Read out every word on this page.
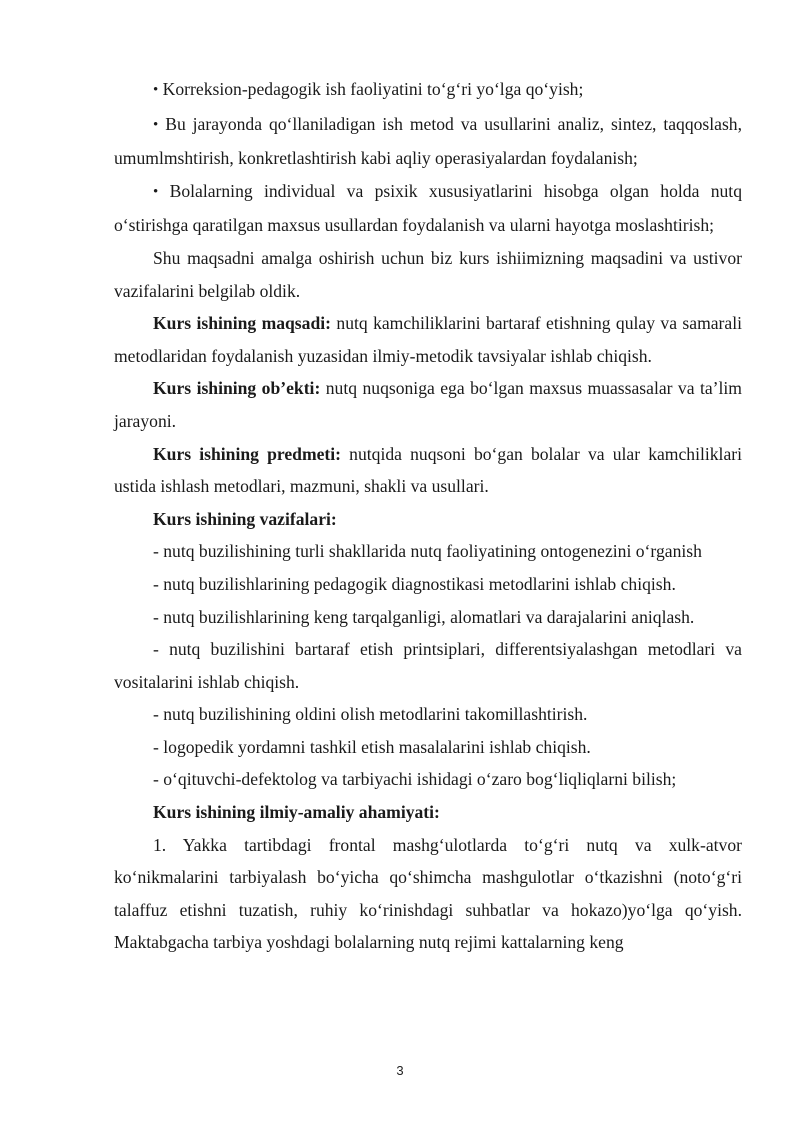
• Korreksion-pedagogik ish faoliyatini to‘g‘ri yo‘lga qo‘yish;

• Bu jarayonda qo‘llaniladigan ish metod va usullarini analiz, sintez, taqqoslash, umumlmshtirish, konkretlashtirish kabi aqliy operasiyalardan foydalanish;

• Bolalarning individual va psixik xususiyatlarini hisobga olgan holda nutq o‘stirishga qaratilgan maxsus usullardan foydalanish va ularni hayotga moslashtirish;

Shu maqsadni amalga oshirish uchun biz kurs ishiimizning maqsadini va ustivor vazifalarini belgilab oldik.

Kurs ishining maqsadi: nutq kamchiliklarini bartaraf etishning qulay va samarali metodlaridan foydalanish yuzasidan ilmiy-metodik tavsiyalar ishlab chiqish.

Kurs ishining ob’ekti: nutq nuqsoniga ega bo‘lgan maxsus muassasalar va ta’lim jarayoni.

Kurs ishining predmeti: nutqida nuqsoni bo‘gan bolalar va ular kamchiliklari ustida ishlash metodlari, mazmuni, shakli va usullari.

Kurs ishining vazifalari:

- nutq buzilishining turli shakllarida nutq faoliyatining ontogenezini o‘rganish

- nutq buzilishlarining pedagogik diagnostikasi metodlarini ishlab chiqish.

- nutq buzilishlarining keng tarqalganligi, alomatlari va darajalarini aniqlash.

- nutq buzilishini bartaraf etish printsiplari, differentsiyalashgan metodlari va vositalarini ishlab chiqish.

- nutq buzilishining oldini olish metodlarini takomillashtirish.

- logopedik yordamni tashkil etish masalalarini ishlab chiqish.

- o‘qituvchi-defektolog va tarbiyachi ishidagi o‘zaro bog‘liqliqlarni bilish;

Kurs ishining ilmiy-amaliy ahamiyati:

1. Yakka tartibdagi frontal mashg‘ulotlarda to‘g‘ri nutq va xulk-atvor ko‘nikmalarini tarbiyalash bo‘yicha qo‘shimcha mashgulotlar o‘tkazishni (noto‘g‘ri talaffuz etishni tuzatish, ruhiy ko‘rinishdagi suhbatlar va hokazo)yo‘lga qo‘yish. Maktabgacha tarbiya yoshdagi bolalarning nutq rejimi kattalarning keng

3
